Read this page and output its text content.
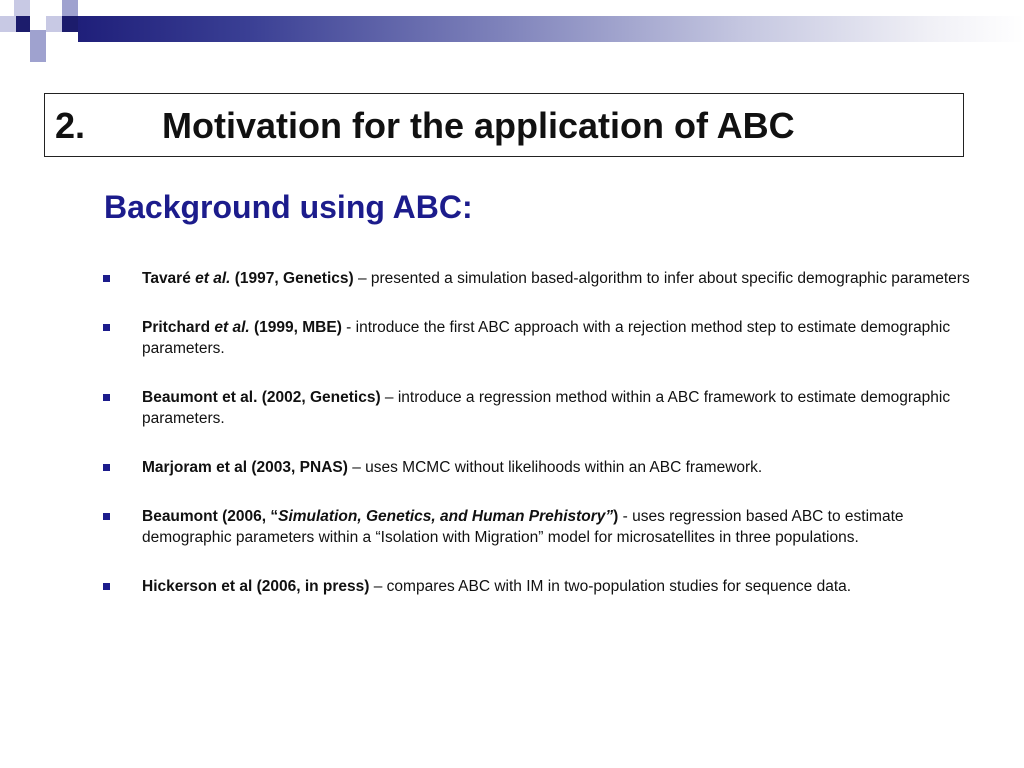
2. Motivation for the application of ABC
Background using ABC:
Tavaré et al. (1997, Genetics) – presented a simulation based-algorithm to infer about specific demographic parameters
Pritchard et al. (1999, MBE) - introduce the first ABC approach with a rejection method step to estimate demographic parameters.
Beaumont et al. (2002, Genetics) – introduce a regression method within a ABC framework to estimate demographic parameters.
Marjoram et al (2003, PNAS) – uses MCMC without likelihoods within an ABC framework.
Beaumont (2006, “Simulation, Genetics, and Human Prehistory”) - uses regression based ABC to estimate demographic parameters within a “Isolation with Migration” model for microsatellites in three populations.
Hickerson et al (2006, in press) – compares ABC with IM in two-population studies for sequence data.
